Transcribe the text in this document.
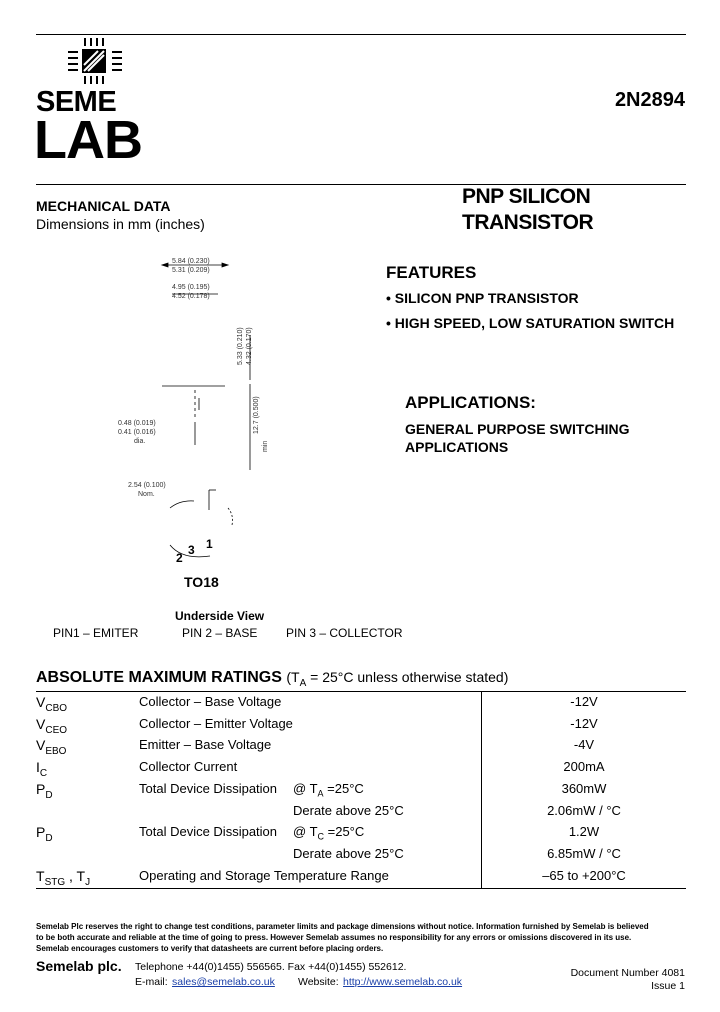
SEME
LAB
2N2894
MECHANICAL DATA
Dimensions in mm (inches)
3 1
2
5.84 (0.230)
5.31 (0.209)
4.95 (0.195)
4.52 (0.178)
5.33 (0.210) 4.32 (0.170)
12.7 (0.500)
min
0.48 (0.019)
0.41 (0.016)
dia.
2.54 (0.100)
Nom.
TO18
Underside View
PIN1 – EMITER	PIN 2 – BASE PIN 3 – COLLECTOR
PNP SILICON
TRANSISTOR
FEATURES
• SILICON PNP TRANSISTOR
• HIGH SPEED, LOW SATURATION SWITCH
APPLICATIONS:
GENERAL PURPOSE SWITCHING
APPLICATIONS
ABSOLUTE MAXIMUM RATINGS ($T_A = 25^\circ C$ unless otherwise stated)
$V_{CBO}$	Collector – Base Voltage	-12V
$V_{CEO}$	Collector – Emitter Voltage	-12V
$V_{EBO}$	Emitter – Base Voltage	-4V
$I_C$	Collector Current	200mA
$P_D$	Total Device Dissipation @ $T_A =25^\circ C$	360mW
Derate above 25°C	2.06mW / °C
$P_D$	Total Device Dissipation @ $T_C =25^\circ C$	1.2W
Derate above 25°C	6.85mW / °C
$T_{STG}$ , $T_J$	Operating and Storage Temperature Range	–65 to +200°C
Semelab Plc reserves the right to change test conditions, parameter limits and package dimensions without notice. Information furnished by Semelab is believed
to be both accurate and reliable at the time of going to press. However Semelab assumes no responsibility for any errors or omissions discovered in its use.
Semelab encourages customers to verify that datasheets are current before placing orders.
Semelab plc. Telephone +44(0)1455) 556565. Fax +44(0)1455) 552612.
E-mail: sales@semelab.co.uk Website: http://www.semelab.co.uk
Document Number 4081
Issue 1
